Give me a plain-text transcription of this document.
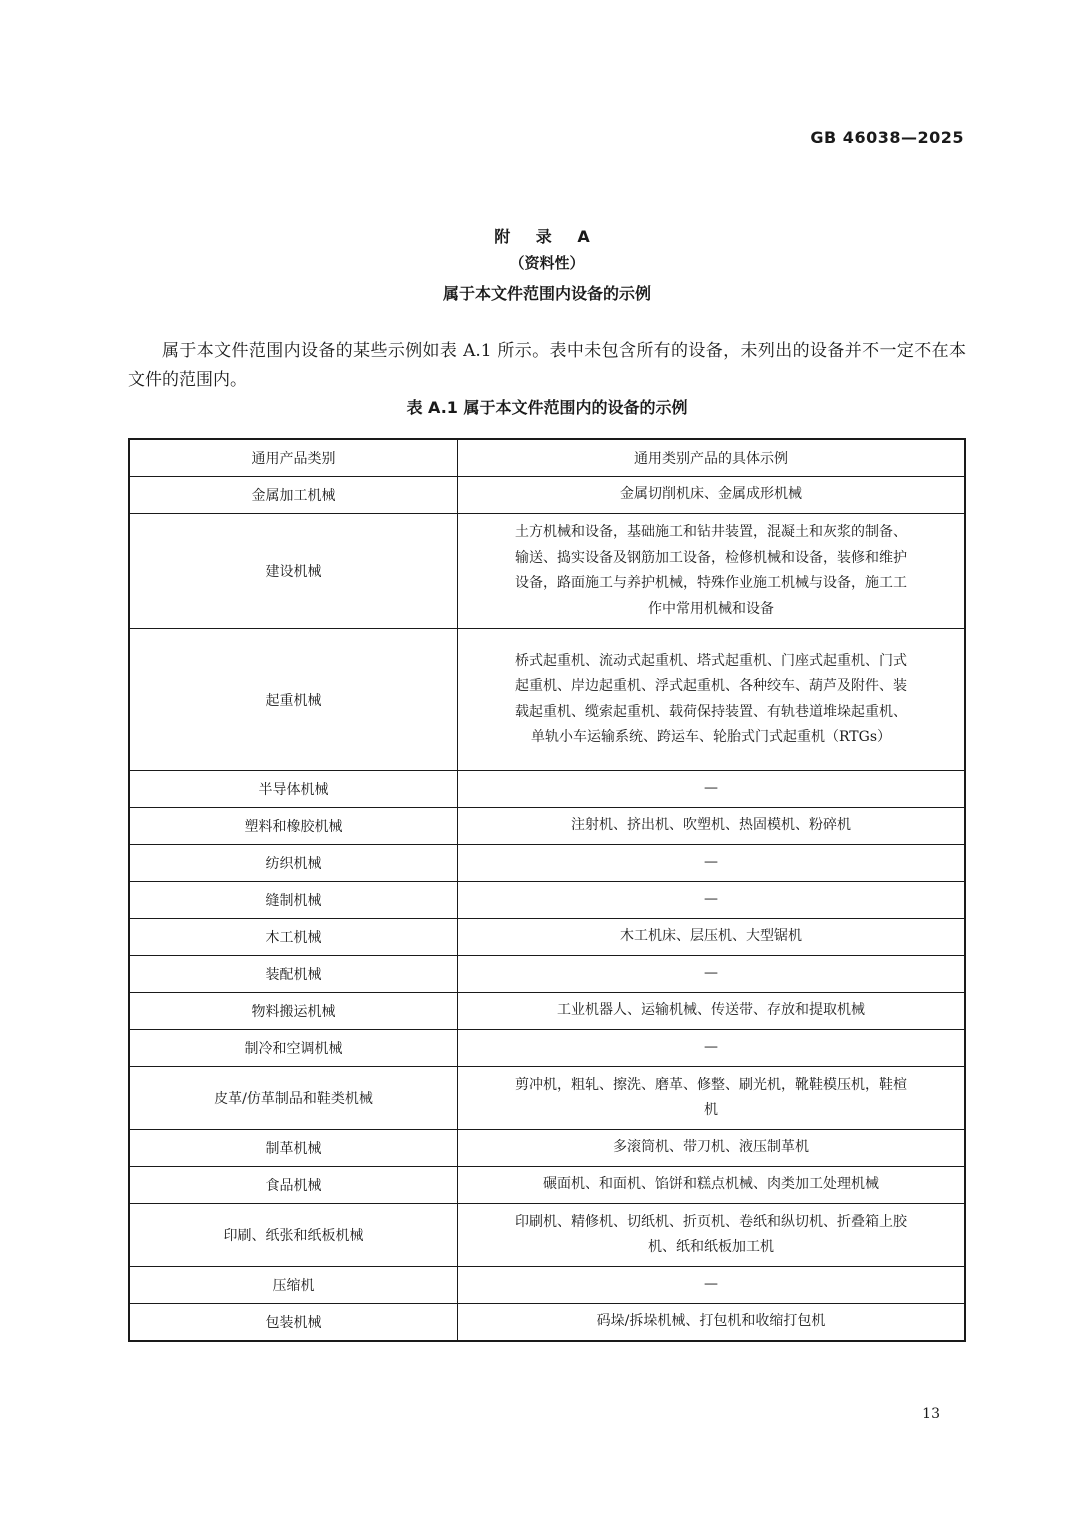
GB 46038—2025
附 录 A
（资料性）
属于本文件范围内设备的示例

属于本文件范围内设备的某些示例如表 A.1 所示。表中未包含所有的设备，未列出的设备并不一定不在本文件的范围内。

表 A.1 属于本文件范围内的设备的示例
通用产品类别	通用类别产品的具体示例
金属加工机械	金属切削机床、金属成形机械
建设机械	土方机械和设备，基础施工和钻井装置，混凝土和灰浆的制备、输送、捣实设备及钢筋加工设备，检修机械和设备，装修和维护设备，路面施工与养护机械，特殊作业施工机械与设备，施工工作中常用机械和设备
起重机械	桥式起重机、流动式起重机、塔式起重机、门座式起重机、门式起重机、岸边起重机、浮式起重机、各种绞车、葫芦及附件、装载起重机、缆索起重机、载荷保持装置、有轨巷道堆垛起重机、单轨小车运输系统、跨运车、轮胎式门式起重机（RTGs）
半导体机械	—
塑料和橡胶机械	注射机、挤出机、吹塑机、热固模机、粉碎机
纺织机械	—
缝制机械	—
木工机械	木工机床、层压机、大型锯机
装配机械	—
物料搬运机械	工业机器人、运输机械、传送带、存放和提取机械
制冷和空调机械	—
皮革/仿革制品和鞋类机械	剪冲机，粗轧、擦洗、磨革、修整、刷光机，靴鞋模压机，鞋楦机
制革机械	多滚筒机、带刀机、液压制革机
食品机械	碾面机、和面机、馅饼和糕点机械、肉类加工处理机械
印刷、纸张和纸板机械	印刷机、精修机、切纸机、折页机、卷纸和纵切机、折叠箱上胶机、纸和纸板加工机
压缩机	—
包装机械	码垛/拆垛机械、打包机和收缩打包机
13
